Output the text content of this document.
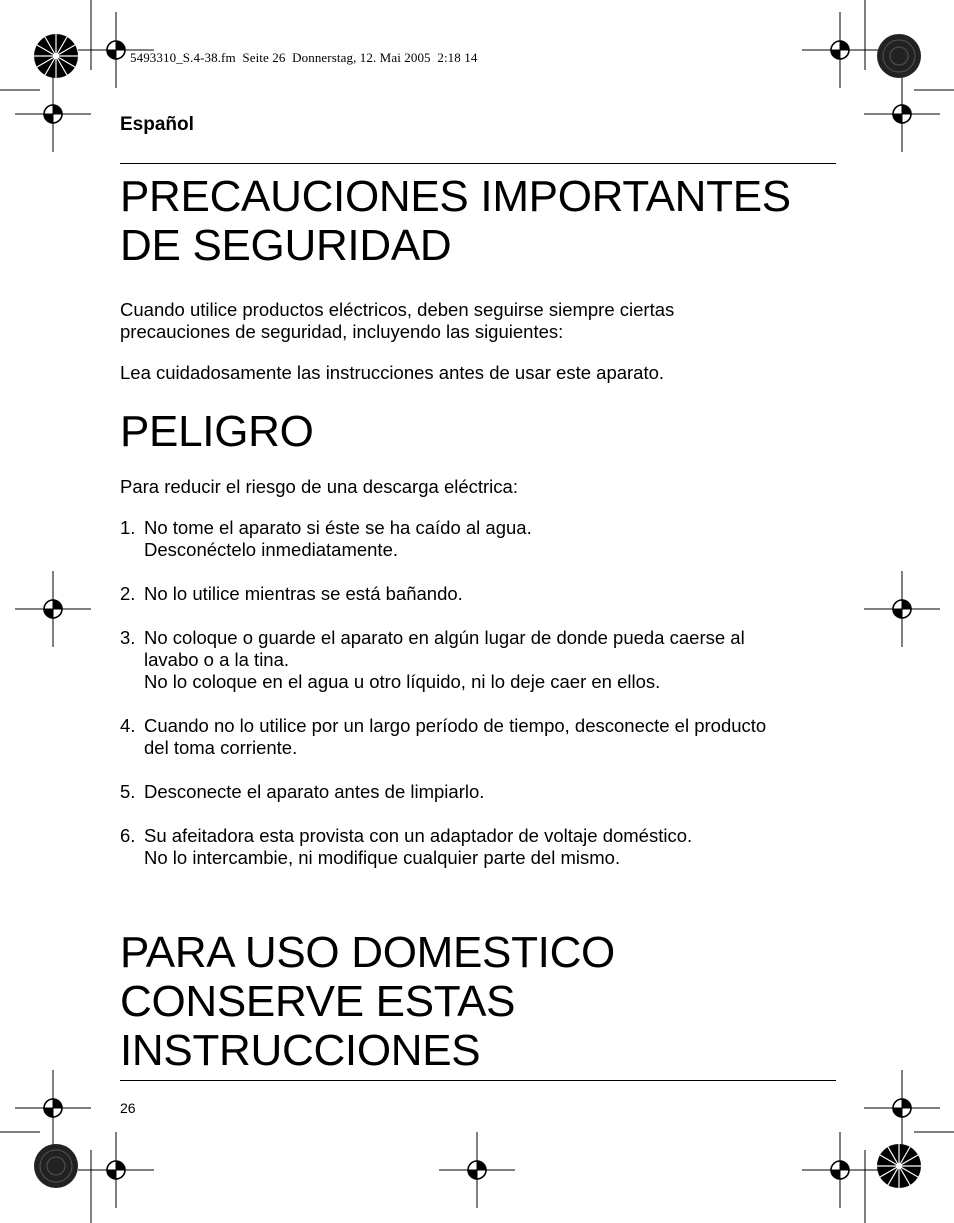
5493310_S.4-38.fm  Seite 26  Donnerstag, 12. Mai 2005  2:18 14
Español
PRECAUCIONES IMPORTANTES
DE SEGURIDAD

Cuando utilice productos eléctricos, deben seguirse siempre ciertas
precauciones de seguridad, incluyendo las siguientes:

Lea cuidadosamente las instrucciones antes de usar este aparato.

PELIGRO

Para reducir el riesgo de una descarga eléctrica:

1. No tome el aparato si éste se ha caído al agua.
Desconéctelo inmediatamente.
2. No lo utilice mientras se está bañando.
3. No coloque o guarde el aparato en algún lugar de donde pueda caerse al
lavabo o a la tina.
No lo coloque en el agua u otro líquido, ni lo deje caer en ellos.
4. Cuando no lo utilice por un largo período de tiempo, desconecte el producto
del toma corriente.
5. Desconecte el aparato antes de limpiarlo.
6. Su afeitadora esta provista con un adaptador de voltaje doméstico.
No lo intercambie, ni modifique cualquier parte del mismo.
PARA USO DOMESTICO
CONSERVE ESTAS
INSTRUCCIONES
26
